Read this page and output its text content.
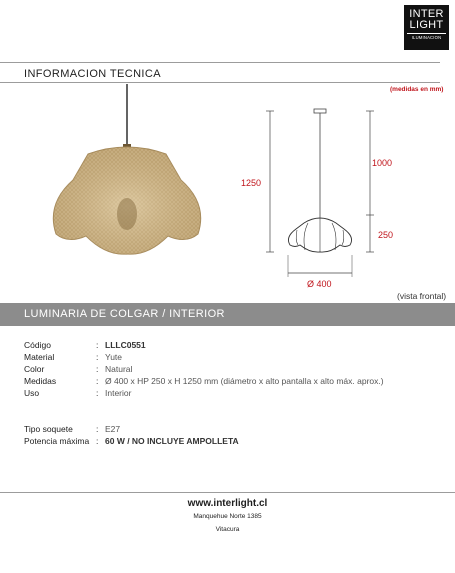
INTER
LIGHT
ILUMINACION
INFORMACION TECNICA
(medidas en mm)
1250
1000
250
Ø 400
(vista frontal)
LUMINARIA DE COLGAR / INTERIOR
Código	: LLLC0551
Material	: Yute
Color	: Natural
Medidas	: Ø 400 x HP 250 x H 1250 mm (diámetro x alto pantalla x alto máx. aprox.)
Uso	: Interior
Tipo soquete	: E27
Potencia máxima : 60 W / NO INCLUYE AMPOLLETA
www.interlight.cl
Manquehue Norte 1385
Vitacura
